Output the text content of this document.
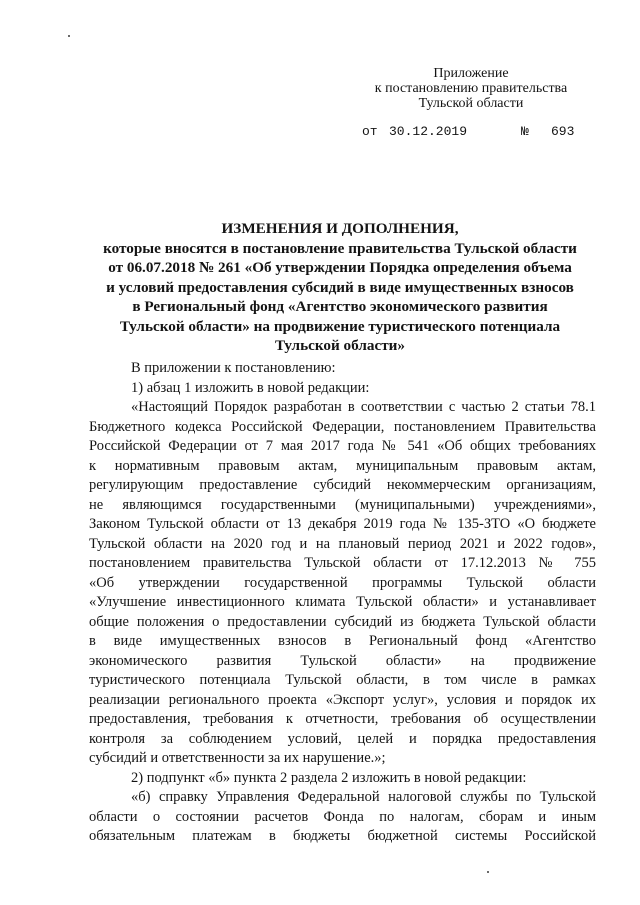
Приложение
к постановлению правительства
Тульской области
от 30.12.2019	№ 693
ИЗМЕНЕНИЯ И ДОПОЛНЕНИЯ,
которые вносятся в постановление правительства Тульской области
от 06.07.2018 № 261 «Об утверждении Порядка определения объема
и условий предоставления субсидий в виде имущественных взносов
в Региональный фонд «Агентство экономического развития
Тульской области» на продвижение туристического потенциала
Тульской области»
В приложении к постановлению:
1) абзац 1 изложить в новой редакции:
«Настоящий Порядок разработан в соответствии с частью 2 статьи 78.1
Бюджетного кодекса Российской Федерации, постановлением Правительства
Российской Федерации от 7 мая 2017 года № 541 «Об общих требованиях
к нормативным правовым актам, муниципальным правовым актам,
регулирующим предоставление субсидий некоммерческим организациям,
не являющимся государственными (муниципальными) учреждениями»,
Законом Тульской области от 13 декабря 2019 года № 135-ЗТО «О бюджете
Тульской области на 2020 год и на плановый период 2021 и 2022 годов»,
постановлением правительства Тульской области от 17.12.2013 № 755
«Об утверждении государственной программы Тульской области
«Улучшение инвестиционного климата Тульской области» и устанавливает
общие положения о предоставлении субсидий из бюджета Тульской области
в виде имущественных взносов в Региональный фонд «Агентство
экономического развития Тульской области» на продвижение
туристического потенциала Тульской области, в том числе в рамках
реализации регионального проекта «Экспорт услуг», условия и порядок их
предоставления, требования к отчетности, требования об осуществлении
контроля за соблюдением условий, целей и порядка предоставления
субсидий и ответственности за их нарушение.»;
2) подпункт «б» пункта 2 раздела 2 изложить в новой редакции:
«б) справку Управления Федеральной налоговой службы по Тульской
области о состоянии расчетов Фонда по налогам, сборам и иным
обязательным платежам в бюджеты бюджетной системы Российской
